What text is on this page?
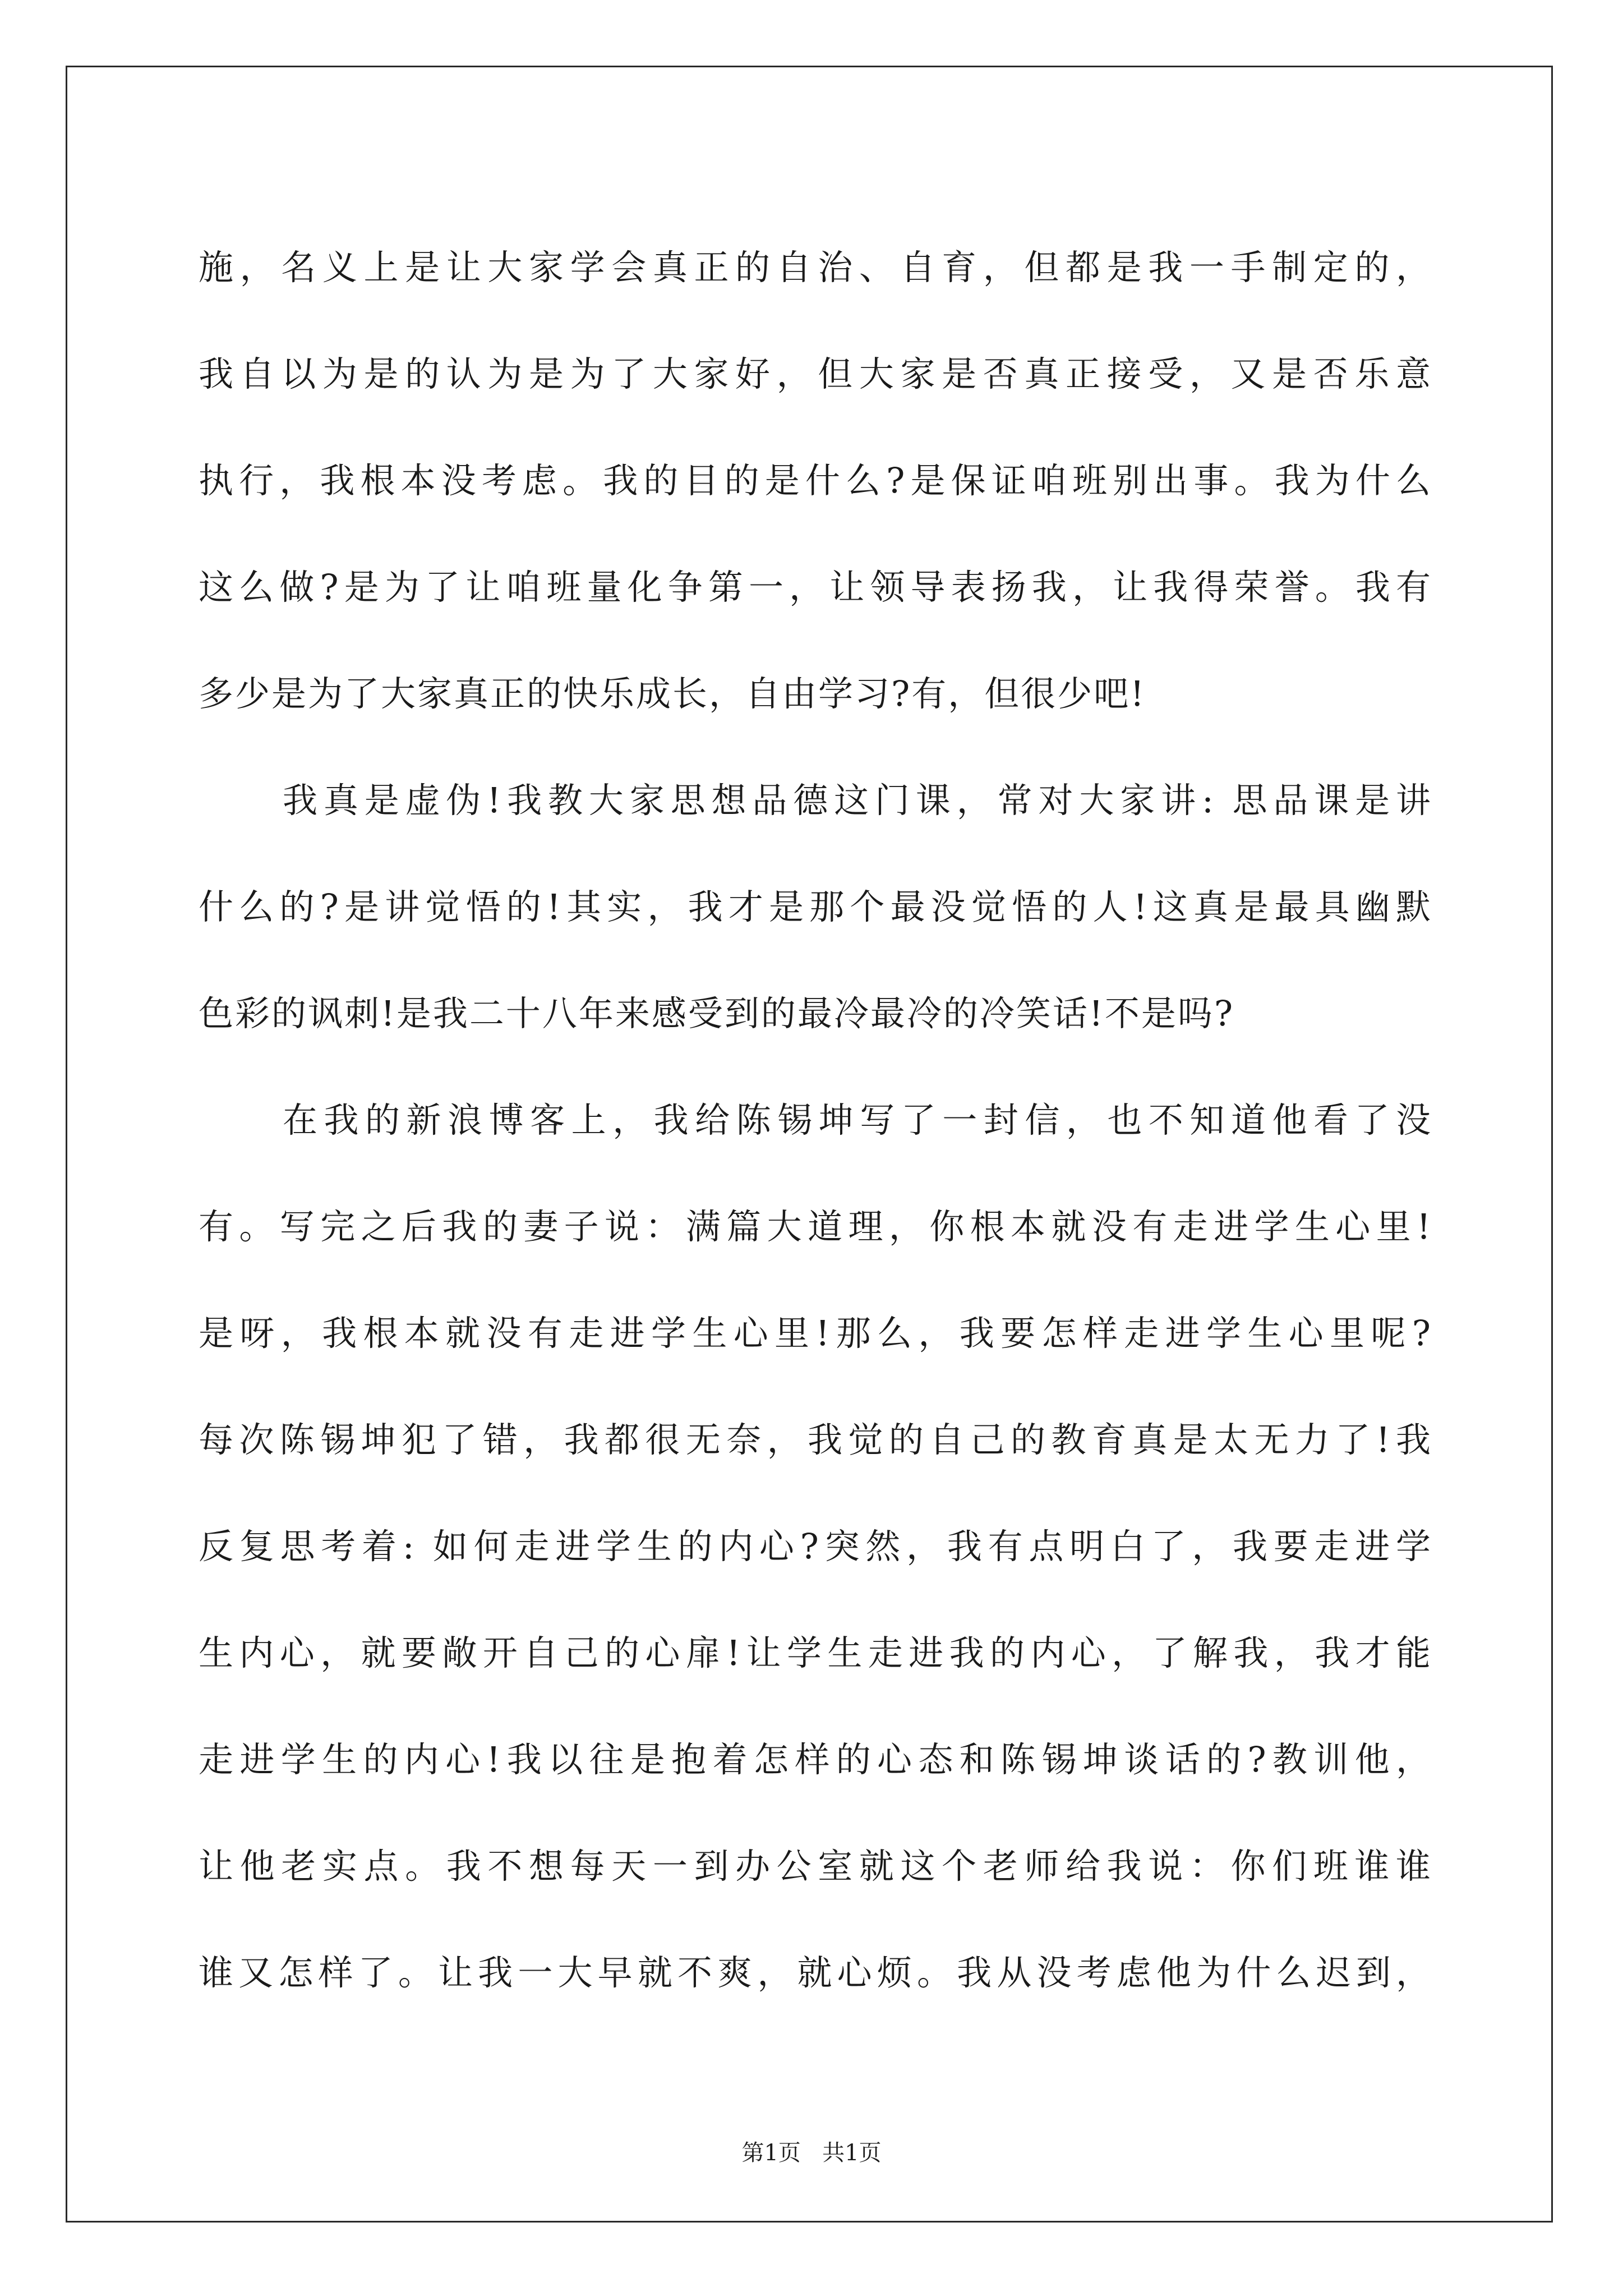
施，名义上是让大家学会真正的自治、自育，但都是我一手制定的，
我自以为是的认为是为了大家好，但大家是否真正接受，又是否乐意
执行，我根本没考虑。我的目的是什么?是保证咱班别出事。我为什么
这么做?是为了让咱班量化争第一，让领导表扬我，让我得荣誉。我有
多少是为了大家真正的快乐成长，自由学习?有，但很少吧!
我真是虚伪!我教大家思想品德这门课，常对大家讲: 思品课是讲
什么的?是讲觉悟的!其实，我才是那个最没觉悟的人!这真是最具幽默
色彩的讽刺!是我二十八年来感受到的最冷最冷的冷笑话!不是吗?
在我的新浪博客上，我给陈锡坤写了一封信，也不知道他看了没
有。写完之后我的妻子说：满篇大道理，你根本就没有走进学生心里!
是呀，我根本就没有走进学生心里!那么，我要怎样走进学生心里呢?
每次陈锡坤犯了错，我都很无奈，我觉的自己的教育真是太无力了!我
反复思考着: 如何走进学生的内心?突然，我有点明白了，我要走进学
生内心，就要敞开自己的心扉!让学生走进我的内心，了解我，我才能
走进学生的内心!我以往是抱着怎样的心态和陈锡坤谈话的?教训他，
让他老实点。我不想每天一到办公室就这个老师给我说：你们班谁谁
谁又怎样了。让我一大早就不爽，就心烦。我从没考虑他为什么迟到，
第1页 共1页
